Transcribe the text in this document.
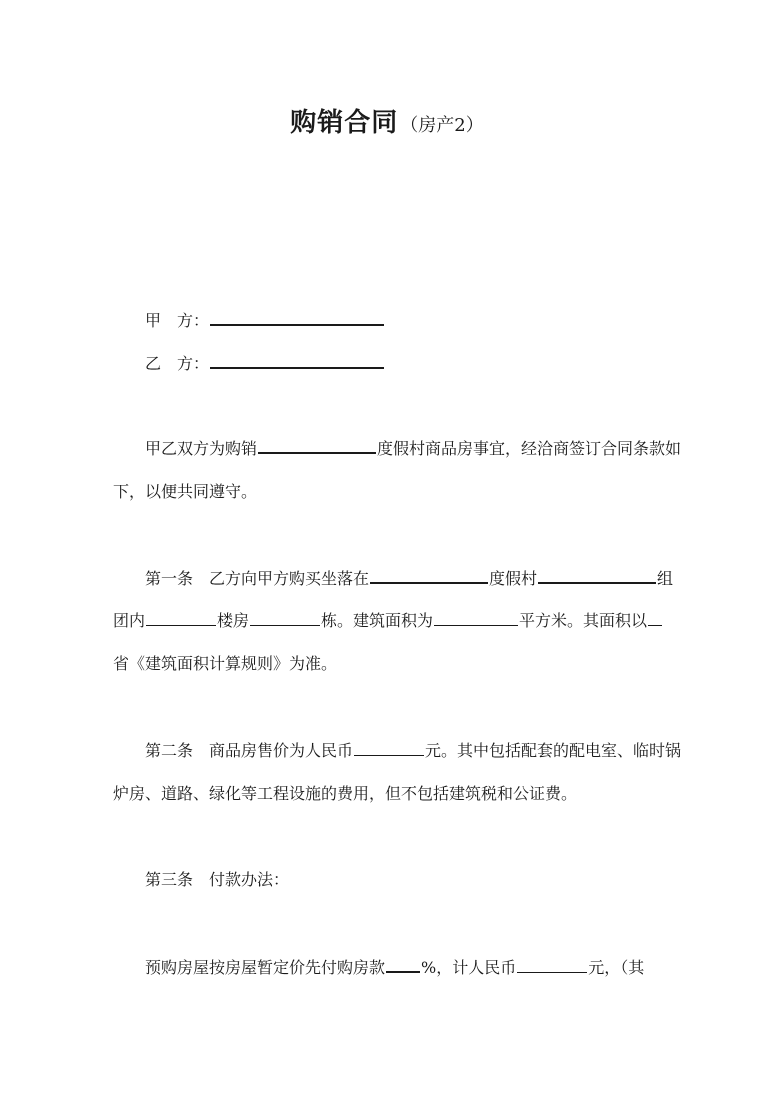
购销合同 （房产2）
甲　方：
乙　方：
甲乙双方为购销	度假村商品房事宜，经洽商签订合同条款如
下，以便共同遵守。
第一条　乙方向甲方购买坐落在	度假村	组
团内	楼房	栋。建筑面积为	平方米。其面积以
省《建筑面积计算规则》为准。
第二条　商品房售价为人民币	元。其中包括配套的配电室、临时锅
炉房、道路、绿化等工程设施的费用，但不包括建筑税和公证费。
第三条　付款办法：
预购房屋按房屋暂定价先付购房款 %，计人民币	元，（其
